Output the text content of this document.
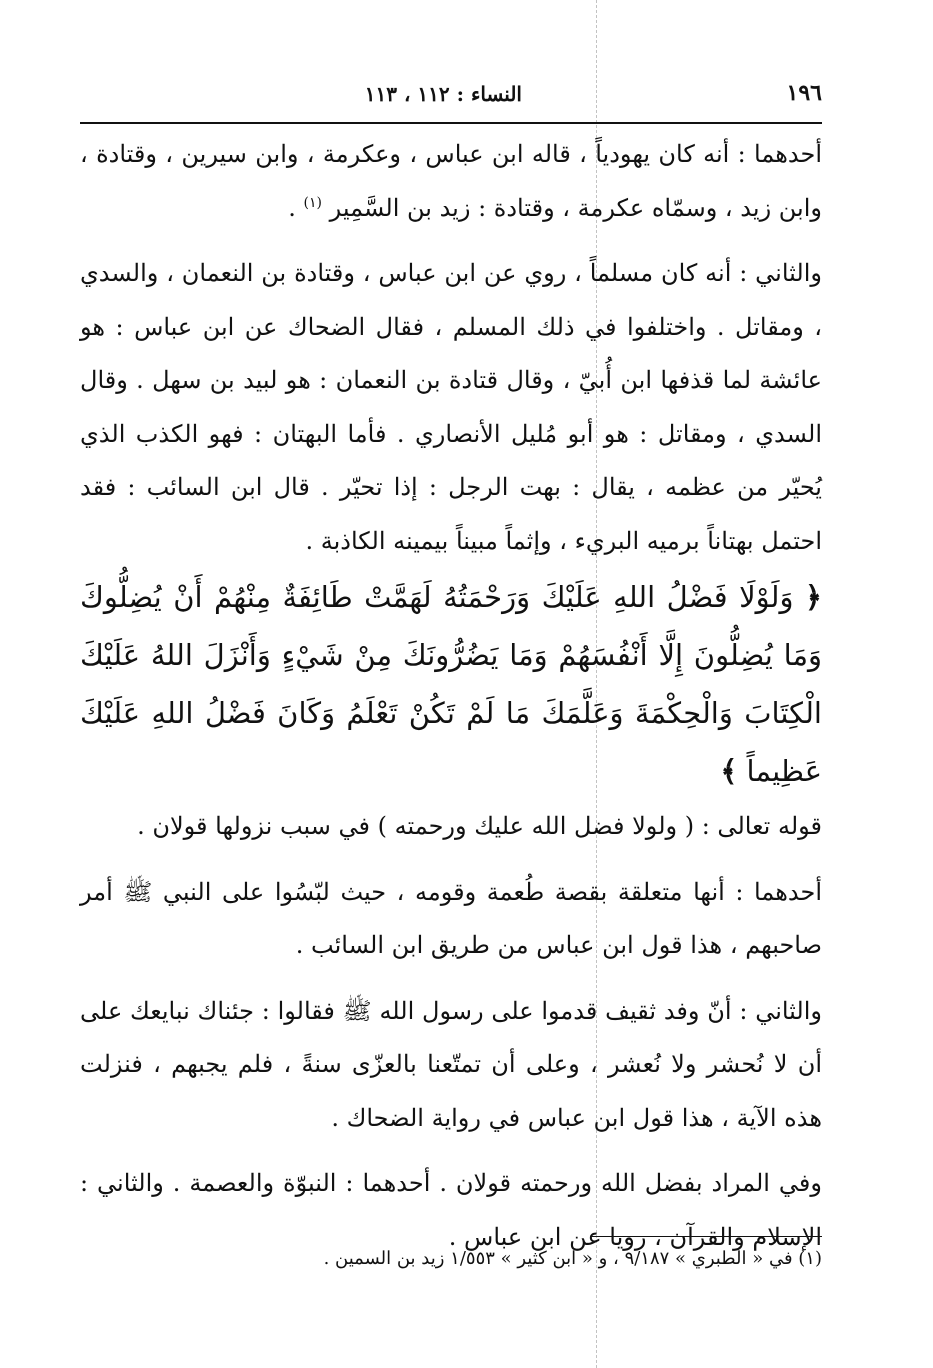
١٩٦
النساء : ١١٢ ، ١١٣

أحدهما : أنه كان يهودياً ، قاله ابن عباس ، وعكرمة ، وابن سيرين ، وقتادة ، وابن زيد ، وسمّاه عكرمة ، وقتادة : زيد بن السَّمِير $^{(١)}$ .

والثاني : أنه كان مسلماً ، روي عن ابن عباس ، وقتادة بن النعمان ، والسدي ، ومقاتل . واختلفوا في ذلك المسلم ، فقال الضحاك عن ابن عباس : هو عائشة لما قذفها ابن أُبيّ ، وقال قتادة بن النعمان : هو لبيد بن سهل . وقال السدي ، ومقاتل : هو أبو مُليل الأنصاري . فأما البهتان : فهو الكذب الذي يُحيّر من عظمه ، يقال : بهت الرجل : إذا تحيّر . قال ابن السائب : فقد احتمل بهتاناً برميه البريء ، وإثماً مبيناً بيمينه الكاذبة .

﴿ وَلَوْلَا فَضْلُ اللهِ عَلَيْكَ وَرَحْمَتُهُ لَهَمَّتْ طَائِفَةٌ مِنْهُمْ أَنْ يُضِلُّوكَ وَمَا يُضِلُّونَ إِلَّا أَنْفُسَهُمْ وَمَا يَضُرُّونَكَ مِنْ شَيْءٍ وَأَنْزَلَ اللهُ عَلَيْكَ الْكِتَابَ وَالْحِكْمَةَ وَعَلَّمَكَ مَا لَمْ تَكُنْ تَعْلَمُ وَكَانَ فَضْلُ اللهِ عَلَيْكَ عَظِيماً ﴾

قوله تعالى : ( ولولا فضل الله عليك ورحمته ) في سبب نزولها قولان .

أحدهما : أنها متعلقة بقصة طُعمة وقومه ، حيث لبّسُوا على النبي ﷺ أمر صاحبهم ، هذا قول ابن عباس من طريق ابن السائب .

والثاني : أنّ وفد ثقيف قدموا على رسول الله ﷺ فقالوا : جئناك نبايعك على أن لا نُحشر ولا نُعشر ، وعلى أن تمتّعنا بالعزّى سنةً ، فلم يجبهم ، فنزلت هذه الآية ، هذا قول ابن عباس في رواية الضحاك .

وفي المراد بفضل الله ورحمته قولان . أحدهما : النبوّة والعصمة . والثاني : الإسلام والقرآن ، رويا عن ابن عباس .

(١) في « الطبري » ٩/١٨٧ ، و « ابن كثير » ١/٥٥٣ زيد بن السمين .
